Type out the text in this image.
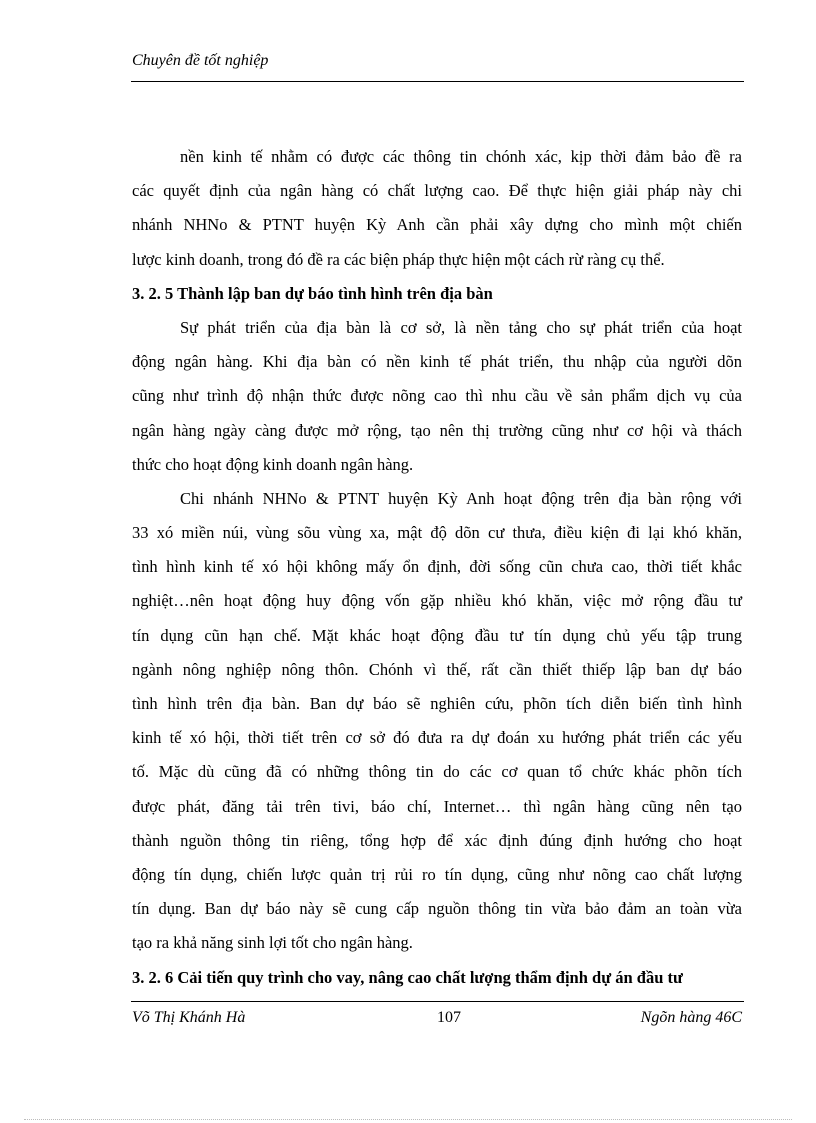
Chuyên đề tốt nghiệp
nền kinh tế nhằm có được các thông tin chónh xác, kịp thời đảm bảo đề ra
các quyết định của ngân hàng có chất lượng cao. Để thực hiện giải pháp này chi
nhánh NHNo & PTNT huyện Kỳ Anh cần phải xây dựng cho mình một chiến
lược kinh doanh, trong đó đề ra các biện pháp thực hiện một cách rừ ràng cụ thể.
3. 2. 5 Thành lập ban dự báo tình hình trên địa bàn
Sự phát triển của địa bàn là cơ sở, là nền tảng cho sự phát triển của hoạt
động ngân hàng. Khi địa bàn có nền kinh tế phát triển, thu nhập của người dõn
cũng như trình độ nhận thức được nõng cao thì nhu cầu về sản phẩm dịch vụ của
ngân hàng ngày càng được mở rộng, tạo nên thị trường cũng như cơ hội và thách
thức cho hoạt động kinh doanh ngân hàng.
Chi nhánh NHNo & PTNT huyện Kỳ Anh hoạt động trên địa bàn rộng với
33 xó miền núi, vùng sõu vùng xa, mật độ dõn cư thưa, điều kiện đi lại khó khăn,
tình hình kinh tế xó hội không mấy ổn định, đời sống cũn chưa cao, thời tiết khắc
nghiệt…nên hoạt động huy động vốn gặp nhiều khó khăn, việc mở rộng đầu tư
tín dụng cũn hạn chế. Mặt khác hoạt động đầu tư tín dụng chủ yếu tập trung
ngành nông nghiệp nông thôn. Chónh vì thế, rất cần thiết thiếp lập ban dự báo
tình hình trên địa bàn. Ban dự báo sẽ nghiên cứu, phõn tích diễn biến tình hình
kinh tế xó hội, thời tiết trên cơ sở đó đưa ra dự đoán xu hướng phát triển các yếu
tố. Mặc dù cũng đã có những thông tin do các cơ quan tổ chức khác phõn tích
được phát, đăng tải trên tivi, báo chí, Internet… thì ngân hàng cũng nên tạo
thành nguồn thông tin riêng, tổng hợp để xác định đúng định hướng cho hoạt
động tín dụng, chiến lược quản trị rủi ro tín dụng, cũng như nõng cao chất lượng
tín dụng. Ban dự báo này sẽ cung cấp nguồn thông tin vừa bảo đảm an toàn vừa
tạo ra khả năng sinh lợi tốt cho ngân hàng.
3. 2. 6 Cải tiến quy trình cho vay, nâng cao chất lượng thẩm định dự án đầu tư
Võ Thị Khánh Hà	107	Ngõn hàng 46C
